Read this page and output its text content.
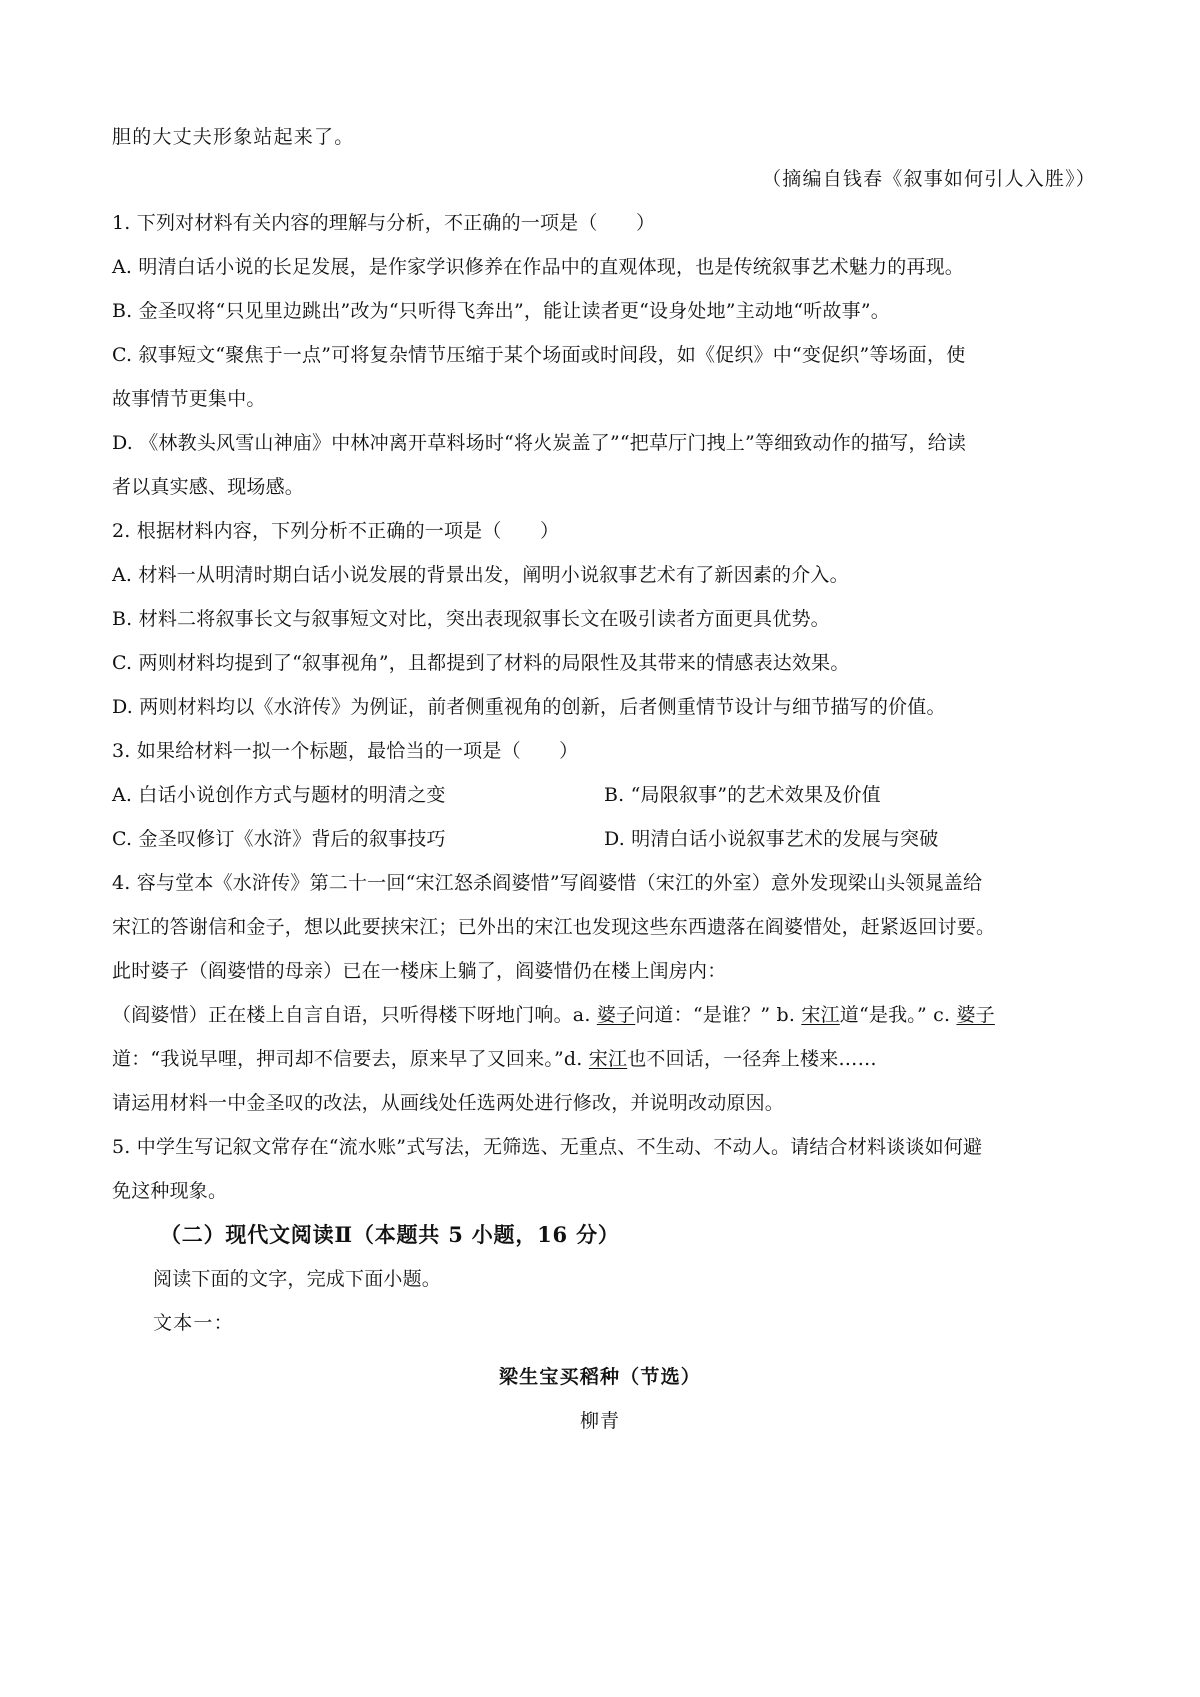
胆的大丈夫形象站起来了。
（摘编自钱春《叙事如何引人入胜》）
1. 下列对材料有关内容的理解与分析，不正确的一项是（　　）
A. 明清白话小说的长足发展，是作家学识修养在作品中的直观体现，也是传统叙事艺术魅力的再现。
B. 金圣叹将“只见里边跳出”改为“只听得飞奔出”，能让读者更“设身处地”主动地“听故事”。
C. 叙事短文“聚焦于一点”可将复杂情节压缩于某个场面或时间段，如《促织》中“变促织”等场面，使
故事情节更集中。
D. 《林教头风雪山神庙》中林冲离开草料场时“将火炭盖了”“把草厅门拽上”等细致动作的描写，给读
者以真实感、现场感。
2. 根据材料内容，下列分析不正确的一项是（　　）
A. 材料一从明清时期白话小说发展的背景出发，阐明小说叙事艺术有了新因素的介入。
B. 材料二将叙事长文与叙事短文对比，突出表现叙事长文在吸引读者方面更具优势。
C. 两则材料均提到了“叙事视角”，且都提到了材料的局限性及其带来的情感表达效果。
D. 两则材料均以《水浒传》为例证，前者侧重视角的创新，后者侧重情节设计与细节描写的价值。
3. 如果给材料一拟一个标题，最恰当的一项是（　　）
A. 白话小说创作方式与题材的明清之变	B. “局限叙事”的艺术效果及价值
C. 金圣叹修订《水浒》背后的叙事技巧	D. 明清白话小说叙事艺术的发展与突破
4. 容与堂本《水浒传》第二十一回“宋江怒杀阎婆惜”写阎婆惜（宋江的外室）意外发现梁山头领晁盖给
宋江的答谢信和金子，想以此要挟宋江；已外出的宋江也发现这些东西遗落在阎婆惜处，赶紧返回讨要。
此时婆子（阎婆惜的母亲）已在一楼床上躺了，阎婆惜仍在楼上闺房内：
（阎婆惜）正在楼上自言自语，只听得楼下呀地门响。a. 婆子问道：“是谁？” b. 宋江道“是我。” c. 婆子
道：“我说早哩，押司却不信要去，原来早了又回来。”d. 宋江也不回话，一径奔上楼来……
请运用材料一中金圣叹的改法，从画线处任选两处进行修改，并说明改动原因。
5. 中学生写记叙文常存在“流水账”式写法，无筛选、无重点、不生动、不动人。请结合材料谈谈如何避
免这种现象。
（二）现代文阅读Ⅱ（本题共 5 小题，16 分）
阅读下面的文字，完成下面小题。
文本一：
梁生宝买稻种（节选）
柳青
